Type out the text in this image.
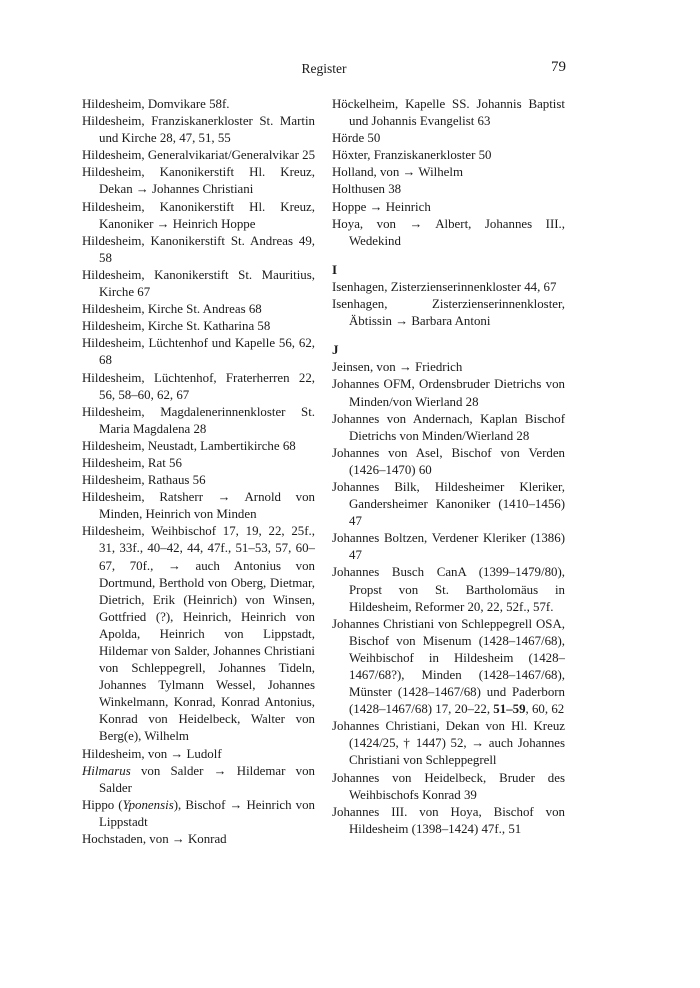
Register	79

Hildesheim, Domvikare 58f.

Hildesheim, Franziskanerkloster St. Martin und Kirche 28, 47, 51, 55

Hildesheim, Generalvikariat/Generalvikar 25

Hildesheim, Kanonikerstift Hl. Kreuz, Dekan → Johannes Christiani

Hildesheim, Kanonikerstift Hl. Kreuz, Kanoniker → Heinrich Hoppe

Hildesheim, Kanonikerstift St. Andreas 49, 58

Hildesheim, Kanonikerstift St. Mauritius, Kirche 67

Hildesheim, Kirche St. Andreas 68

Hildesheim, Kirche St. Katharina 58

Hildesheim, Lüchtenhof und Kapelle 56, 62, 68

Hildesheim, Lüchtenhof, Fraterherren 22, 56, 58–60, 62, 67

Hildesheim, Magdalenerinnenkloster St. Maria Magdalena 28

Hildesheim, Neustadt, Lambertikirche 68

Hildesheim, Rat 56

Hildesheim, Rathaus 56

Hildesheim, Ratsherr → Arnold von Minden, Heinrich von Minden

Hildesheim, Weihbischof 17, 19, 22, 25f., 31, 33f., 40–42, 44, 47f., 51–53, 57, 60–67, 70f., → auch Antonius von Dortmund, Berthold von Oberg, Dietmar, Dietrich, Erik (Heinrich) von Winsen, Gottfried (?), Heinrich, Heinrich von Apolda, Heinrich von Lippstadt, Hildemar von Salder, Johannes Christiani von Schleppegrell, Johannes Tideln, Johannes Tylmann Wessel, Johannes Winkelmann, Konrad, Konrad Antonius, Konrad von Heidelbeck, Walter von Berg(e), Wilhelm

Hildesheim, von → Ludolf

Hilmarus von Salder → Hildemar von Salder

Hippo (Yponensis), Bischof → Heinrich von Lippstadt

Hochstaden, von → Konrad

Höckelheim, Kapelle SS. Johannis Baptist und Johannis Evangelist 63

Hörde 50

Höxter, Franziskanerkloster 50

Holland, von → Wilhelm

Holthusen 38

Hoppe → Heinrich

Hoya, von → Albert, Johannes III., Wedekind

I

Isenhagen, Zisterzienserinnenkloster 44, 67

Isenhagen, Zisterzienserinnenkloster, Äbtissin → Barbara Antoni

J

Jeinsen, von → Friedrich

Johannes OFM, Ordensbruder Dietrichs von Minden/von Wierland 28

Johannes von Andernach, Kaplan Bischof Dietrichs von Minden/Wierland 28

Johannes von Asel, Bischof von Verden (1426–1470) 60

Johannes Bilk, Hildesheimer Kleriker, Gandersheimer Kanoniker (1410–1456) 47

Johannes Boltzen, Verdener Kleriker (1386) 47

Johannes Busch CanA (1399–1479/80), Propst von St. Bartholomäus in Hildesheim, Reformer 20, 22, 52f., 57f.

Johannes Christiani von Schleppegrell OSA, Bischof von Misenum (1428–1467/68), Weihbischof in Hildesheim (1428–1467/68?), Minden (1428–1467/68), Münster (1428–1467/68) und Paderborn (1428–1467/68) 17, 20–22, 51–59, 60, 62

Johannes Christiani, Dekan von Hl. Kreuz (1424/25, † 1447) 52, → auch Johannes Christiani von Schleppegrell

Johannes von Heidelbeck, Bruder des Weihbischofs Konrad 39

Johannes III. von Hoya, Bischof von Hildesheim (1398–1424) 47f., 51
